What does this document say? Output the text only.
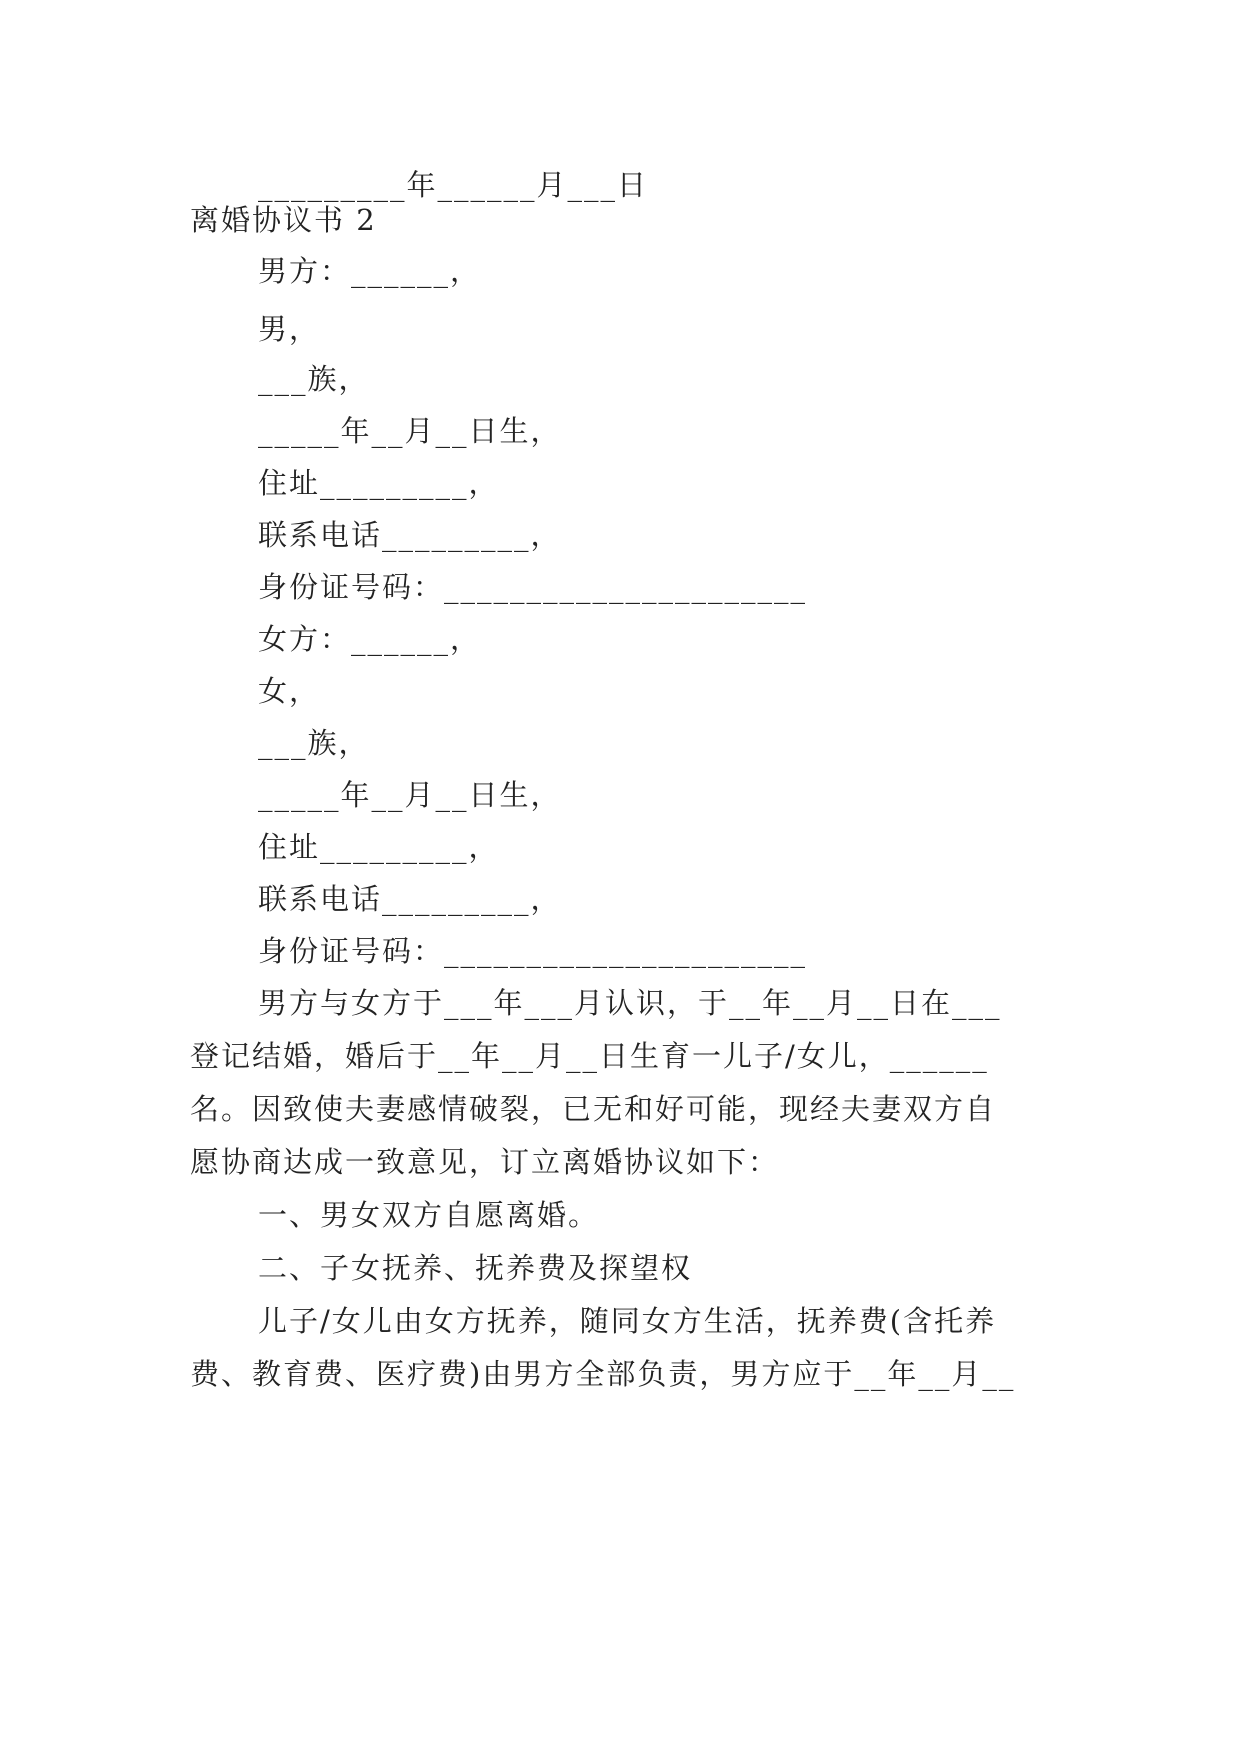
_________年______月___日
离婚协议书 2
男方：______，
男，
___族，
_____年__月__日生，
住址_________，
联系电话_________，
身份证号码：______________________
女方：______，
女，
___族，
_____年__月__日生，
住址_________，
联系电话_________，
身份证号码：______________________
男方与女方于___年___月认识，于__年__月__日在___
登记结婚，婚后于__年__月__日生育一儿子/女儿，______
名。因致使夫妻感情破裂，已无和好可能，现经夫妻双方自
愿协商达成一致意见，订立离婚协议如下：
一、男女双方自愿离婚。
二、子女抚养、抚养费及探望权
儿子/女儿由女方抚养，随同女方生活，抚养费(含托养
费、教育费、医疗费)由男方全部负责，男方应于__年__月__
